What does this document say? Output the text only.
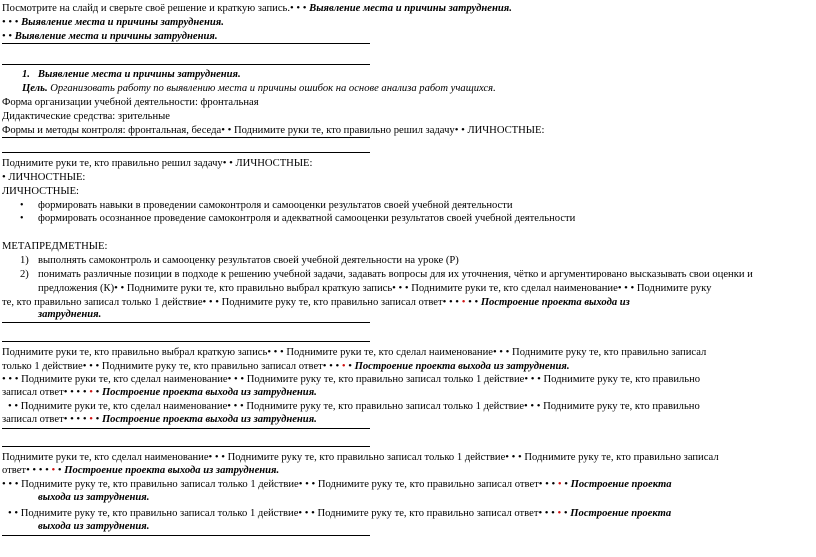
Посмотрите на слайд и сверьте своё решение и краткую запись.• • • Выявление места и причины затруднения.
• • • Выявление места и причины затруднения.
• • Выявление места и причины затруднения.
1. Выявление места и причины затруднения.
Цель. Организовать работу по выявлению места и причины ошибок на основе анализа работ учащихся.
Форма организации учебной деятельности: фронтальная
Дидактические средства: зрительные
Формы и методы контроля: фронтальная, беседа• • Поднимите руки те, кто правильно решил задачу• • ЛИЧНОСТНЫЕ:
Поднимите руки те, кто правильно решил задачу• • ЛИЧНОСТНЫЕ:
• ЛИЧНОСТНЫЕ:
ЛИЧНОСТНЫЕ:
• формировать навыки в проведении самоконтроля и самооценки результатов своей учебной деятельности
• формировать осознанное проведение самоконтроля и адекватной самооценки результатов своей учебной деятельности
МЕТАПРЕДМЕТНЫЕ:
1) выполнять самоконтроль и самооценку результатов своей учебной деятельности на уроке (Р)
2) понимать различные позиции в подходе к решению учебной задачи, задавать вопросы для их уточнения, чётко и аргументировано высказывать свои оценки и
предложения (К)• • Поднимите руки те, кто правильно выбрал краткую запись• • • Поднимите руки те, кто сделал наименование• • • Поднимите руку
те, кто правильно записал только 1 действие• • • Поднимите руку те, кто правильно записал ответ• • • • • • Построение проекта выхода из
затруднения.
Поднимите руки те, кто правильно выбрал краткую запись• • • Поднимите руки те, кто сделал наименование• • • Поднимите руку те, кто правильно записал
только 1 действие• • • Поднимите руку те, кто правильно записал ответ• • • • • Построение проекта выхода из затруднения.
• • • Поднимите руки те, кто сделал наименование• • • Поднимите руку те, кто правильно записал только 1 действие• • • Поднимите руку те, кто правильно
записал ответ• • • • • • Построение проекта выхода из затруднения.
• • Поднимите руки те, кто сделал наименование• • • Поднимите руку те, кто правильно записал только 1 действие• • • Поднимите руку те, кто правильно
записал ответ• • • • • • Построение проекта выхода из затруднения.
Поднимите руки те, кто сделал наименование• • • Поднимите руку те, кто правильно записал только 1 действие• • • Поднимите руку те, кто правильно записал
ответ• • • • • • Построение проекта выхода из затруднения.
• • • Поднимите руку те, кто правильно записал только 1 действие• • • Поднимите руку те, кто правильно записал ответ• • • • • Построение проекта
выхода из затруднения.
• • Поднимите руку те, кто правильно записал только 1 действие• • • Поднимите руку те, кто правильно записал ответ• • • • • Построение проекта
выхода из затруднения.
